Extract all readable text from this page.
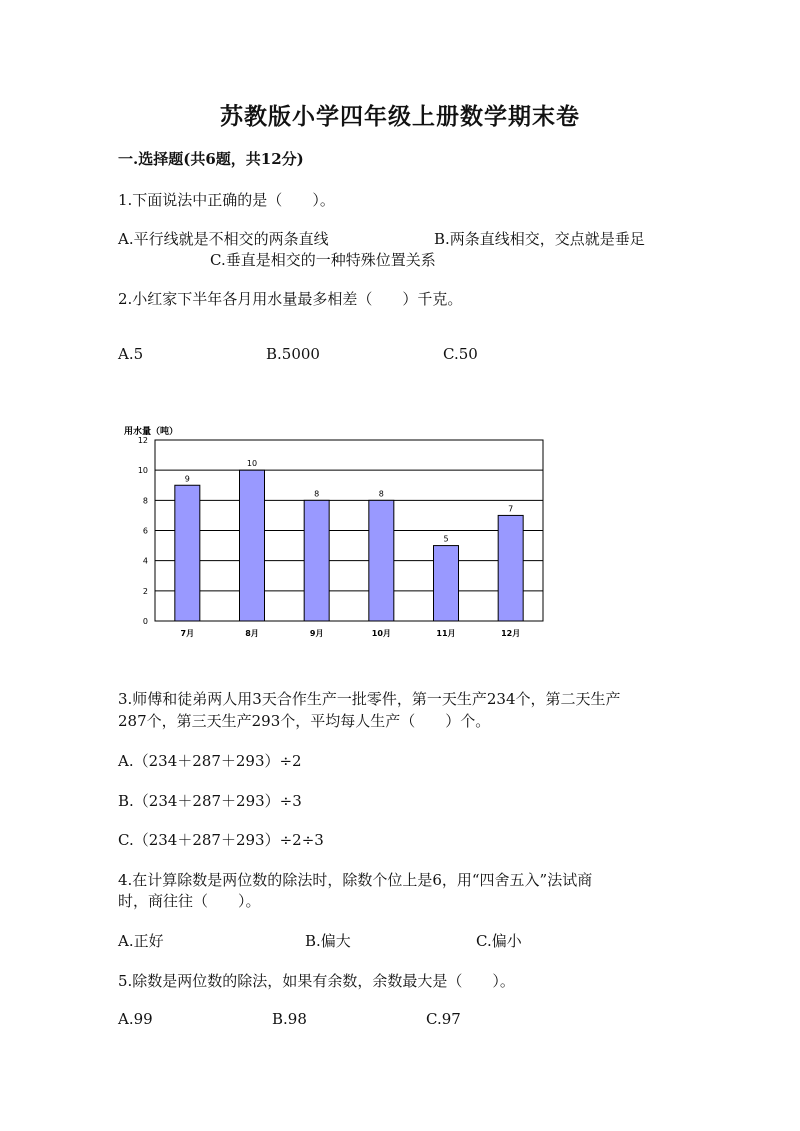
苏教版小学四年级上册数学期末卷
一.选择题(共6题，共12分)
1.下面说法中正确的是（　　）。
A.平行线就是不相交的两条直线	B.两条直线相交，交点就是垂足
C.垂直是相交的一种特殊位置关系
2.小红家下半年各月用水量最多相差（　　）千克。
A.5	B.5000	C.50
用水量（吨）
9
10
8	8
5
7
0
2
4
6
8
10
12
7月	8月	9月	10月	11月	12月
3.师傅和徒弟两人用3天合作生产一批零件，第一天生产234个，第二天生产
287个，第三天生产293个，平均每人生产（　　）个。
A.（234＋287＋293）÷2
B.（234＋287＋293）÷3
C.（234＋287＋293）÷2÷3
4.在计算除数是两位数的除法时，除数个位上是6，用“四舍五入”法试商
时，商往往（　　）。
A.正好	B.偏大	C.偏小
5.除数是两位数的除法，如果有余数，余数最大是（　　）。
A.99	B.98	C.97
